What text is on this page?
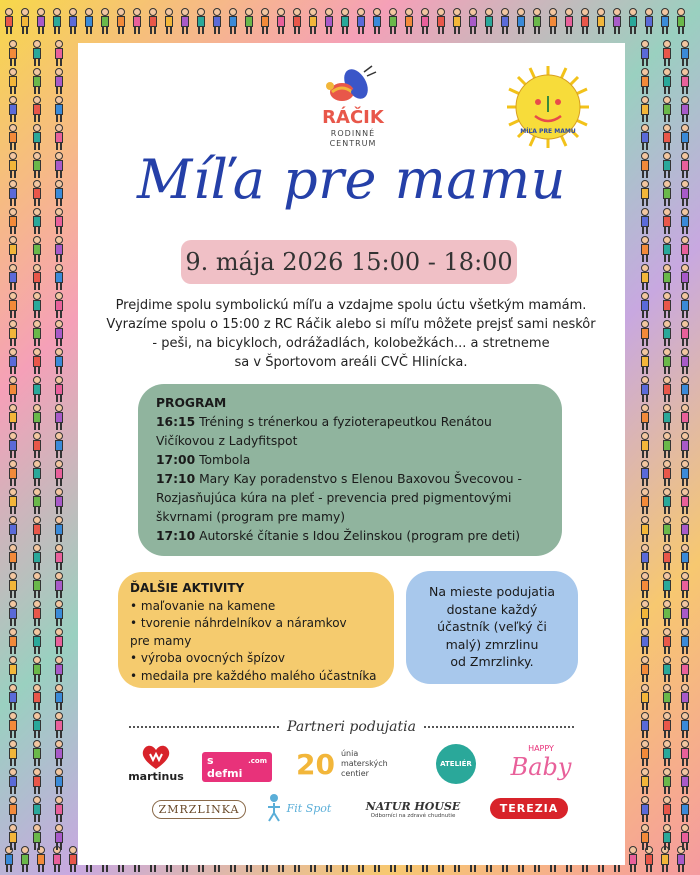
RÁČIK
RODINNÉ
CENTRUM
MÍĽA PRE MAMU
Míľa pre mamu
9. mája 2026 15:00 - 18:00
Prejdime spolu symbolickú míľu a vzdajme spolu úctu všetkým mamám.
Vyrazíme spolu o 15:00 z RC Ráčik alebo si míľu môžete prejsť sami neskôr
- peši, na bicykloch, odrážadlách, kolobežkách... a stretneme
sa v Športovom areáli CVČ Hlinícka.
PROGRAM
16:15 Tréning s trénerkou a fyzioterapeutkou Renátou
Vičíkovou z Ladyfitspot
17:00 Tombola
17:10 Mary Kay poradenstvo s Elenou Baxovou Švecovou -
Rozjasňujúca kúra na pleť - prevencia pred pigmentovými
škvrnami (program pre mamy)
17:10 Autorské čítanie s Idou Želinskou (program pre deti)
ĎALŠIE AKTIVITY
• maľovanie na kamene
• tvorenie náhrdelníkov a náramkov
pre mamy
• výroba ovocných špízov
• medaila pre každého malého účastníka
Na mieste podujatia
dostane každý
účastník (veľký či
malý) zmrzlinu
od Zmrzlinky.
Partneri podujatia
martinus
s defmi
.com 20 únia
materských
centier
ATELIÉR
HAPPY
Baby
ZMRZLINKA	Fit Spot	NATUR HOUSE
Odborníci na zdravé chudnutie
TEREZIA
